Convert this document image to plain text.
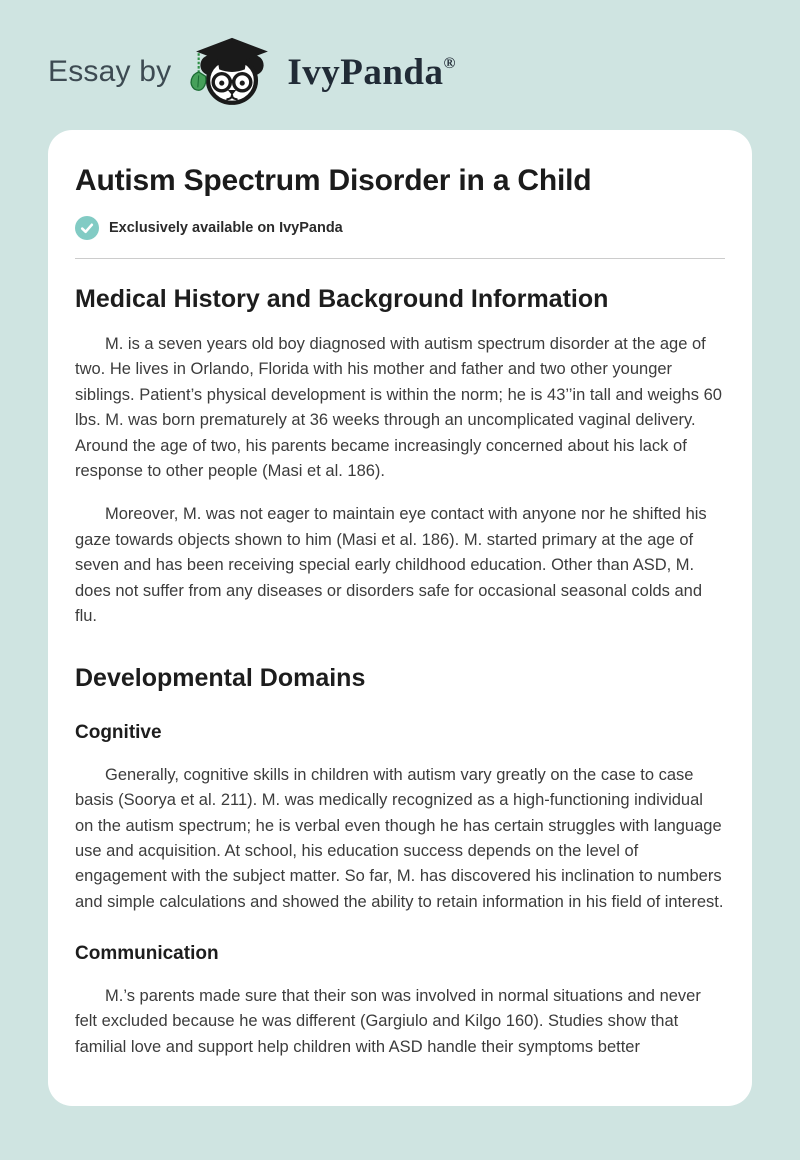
Essay by	IvyPanda®
Autism Spectrum Disorder in a Child
Exclusively available on IvyPanda
Medical History and Background Information

M. is a seven years old boy diagnosed with autism spectrum disorder at the age of two. He lives in Orlando, Florida with his mother and father and two other younger siblings. Patient’s physical development is within the norm; he is 43’’in tall and weighs 60 lbs. M. was born prematurely at 36 weeks through an uncomplicated vaginal delivery. Around the age of two, his parents became increasingly concerned about his lack of response to other people (Masi et al. 186).

Moreover, M. was not eager to maintain eye contact with anyone nor he shifted his gaze towards objects shown to him (Masi et al. 186). M. started primary at the age of seven and has been receiving special early childhood education. Other than ASD, M. does not suffer from any diseases or disorders safe for occasional seasonal colds and flu.

Developmental Domains
Cognitive

Generally, cognitive skills in children with autism vary greatly on the case to case basis (Soorya et al. 211). M. was medically recognized as a high-functioning individual on the autism spectrum; he is verbal even though he has certain struggles with language use and acquisition. At school, his education success depends on the level of engagement with the subject matter. So far, M. has discovered his inclination to numbers and simple calculations and showed the ability to retain information in his field of interest.

Communication

M.’s parents made sure that their son was involved in normal situations and never felt excluded because he was different (Gargiulo and Kilgo 160). Studies show that familial love and support help children with ASD handle their symptoms better
